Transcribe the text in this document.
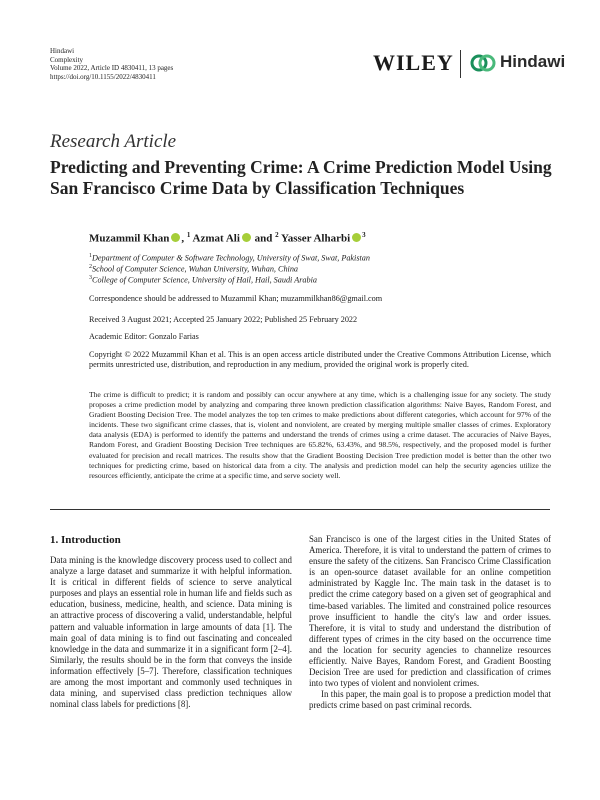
Hindawi
Complexity
Volume 2022, Article ID 4830411, 13 pages
https://doi.org/10.1155/2022/4830411
WILEY	Hindawi
Research Article
Predicting and Preventing Crime: A Crime Prediction Model Using San Francisco Crime Data by Classification Techniques
Muzammil Khan , $^1$ Azmat Ali and $^2$ Yasser Alharbi $^3$
$^1$Department of Computer & Software Technology, University of Swat, Swat, Pakistan
$^2$School of Computer Science, Wuhan University, Wuhan, China
$^3$College of Computer Science, University of Hail, Hail, Saudi Arabia
Correspondence should be addressed to Muzammil Khan; muzammilkhan86@gmail.com
Received 3 August 2021; Accepted 25 January 2022; Published 25 February 2022
Academic Editor: Gonzalo Farias
Copyright © 2022 Muzammil Khan et al. This is an open access article distributed under the Creative Commons Attribution License, which permits unrestricted use, distribution, and reproduction in any medium, provided the original work is properly cited.
The crime is difficult to predict; it is random and possibly can occur anywhere at any time, which is a challenging issue for any society. The study proposes a crime prediction model by analyzing and comparing three known prediction classification algorithms: Naive Bayes, Random Forest, and Gradient Boosting Decision Tree. The model analyzes the top ten crimes to make predictions about different categories, which account for 97% of the incidents. These two significant crime classes, that is, violent and nonviolent, are created by merging multiple smaller classes of crimes. Exploratory data analysis (EDA) is performed to identify the patterns and understand the trends of crimes using a crime dataset. The accuracies of Naive Bayes, Random Forest, and Gradient Boosting Decision Tree techniques are 65.82%, 63.43%, and 98.5%, respectively, and the proposed model is further evaluated for precision and recall matrices. The results show that the Gradient Boosting Decision Tree prediction model is better than the other two techniques for predicting crime, based on historical data from a city. The analysis and prediction model can help the security agencies utilize the resources efficiently, anticipate the crime at a specific time, and serve society well.
1. Introduction

Data mining is the knowledge discovery process used to collect and analyze a large dataset and summarize it with helpful information. It is critical in different fields of science to serve analytical purposes and plays an essential role in human life and fields such as education, business, medicine, health, and science. Data mining is an attractive process of discovering a valid, understandable, helpful pattern and valuable information in large amounts of data [1]. The main goal of data mining is to find out fascinating and concealed knowledge in the data and summarize it in a significant form [2–4]. Similarly, the results should be in the form that conveys the inside information effectively [5–7]. Therefore, classification techniques are among the most important and commonly used techniques in data mining, and supervised class prediction techniques allow nominal class labels for predictions [8].

San Francisco is one of the largest cities in the United States of America. Therefore, it is vital to understand the pattern of crimes to ensure the safety of the citizens. San Francisco Crime Classification is an open-source dataset available for an online competition administrated by Kaggle Inc. The main task in the dataset is to predict the crime category based on a given set of geographical and time-based variables. The limited and constrained police resources prove insufficient to handle the city's law and order issues. Therefore, it is vital to study and understand the distribution of different types of crimes in the city based on the occurrence time and the location for security agencies to channelize resources efficiently. Naive Bayes, Random Forest, and Gradient Boosting Decision Tree are used for prediction and classification of crimes into two types of violent and nonviolent crimes.

In this paper, the main goal is to propose a prediction model that predicts crime based on past criminal records.
